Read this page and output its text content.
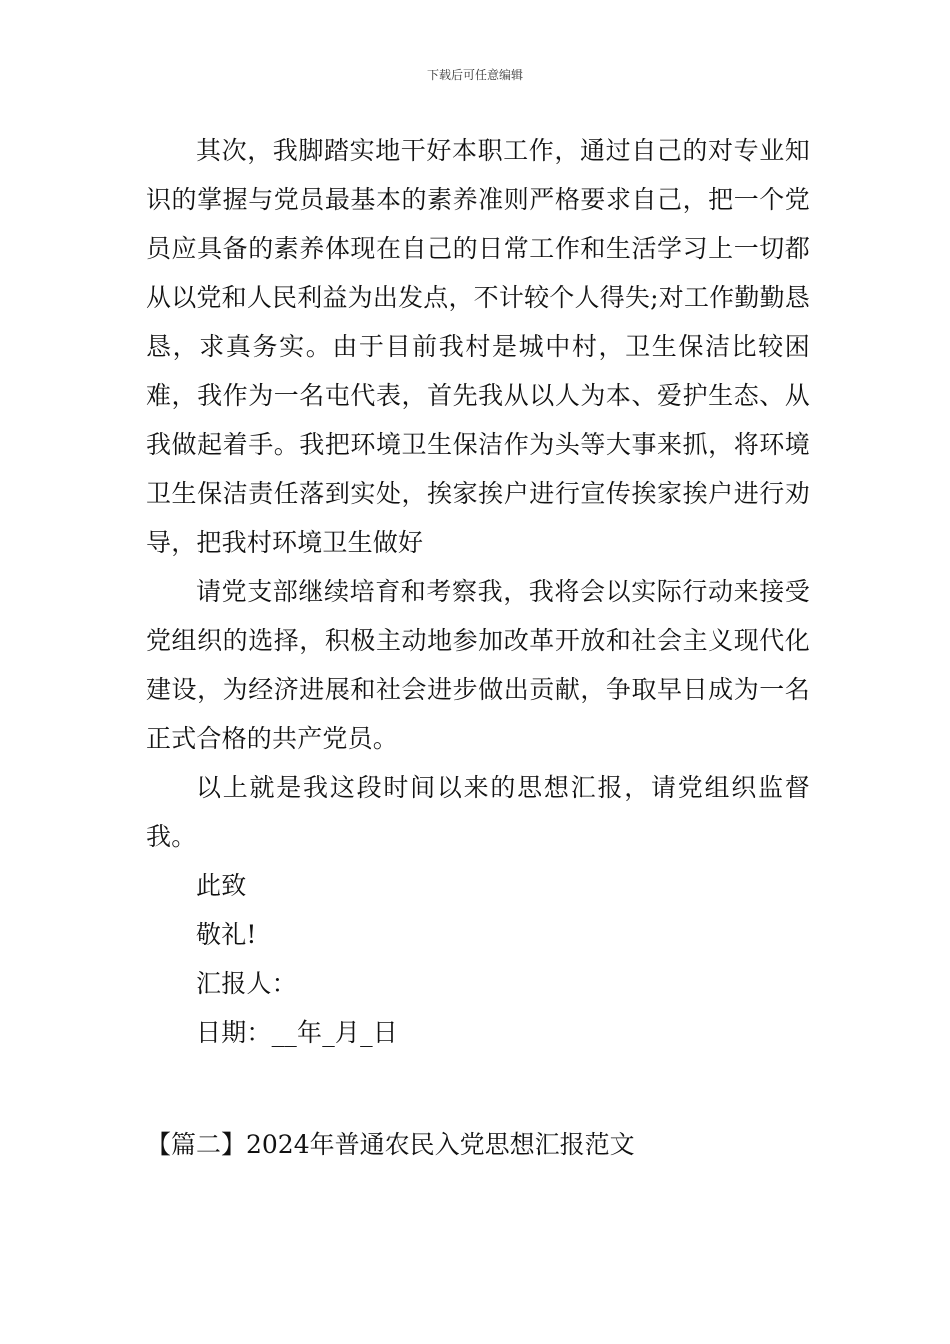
下载后可任意编辑

其次，我脚踏实地干好本职工作，通过自己的对专业知识的掌握与党员最基本的素养准则严格要求自己，把一个党员应具备的素养体现在自己的日常工作和生活学习上一切都从以党和人民利益为出发点，不计较个人得失;对工作勤勤恳恳，求真务实。由于目前我村是城中村，卫生保洁比较困难，我作为一名屯代表，首先我从以人为本、爱护生态、从我做起着手。我把环境卫生保洁作为头等大事来抓，将环境卫生保洁责任落到实处，挨家挨户进行宣传挨家挨户进行劝导，把我村环境卫生做好

请党支部继续培育和考察我，我将会以实际行动来接受党组织的选择，积极主动地参加改革开放和社会主义现代化建设，为经济进展和社会进步做出贡献，争取早日成为一名正式合格的共产党员。

以上就是我这段时间以来的思想汇报，请党组织监督我。

此致

敬礼!

汇报人：

日期：__年_月_日

【篇二】2024年普通农民入党思想汇报范文
